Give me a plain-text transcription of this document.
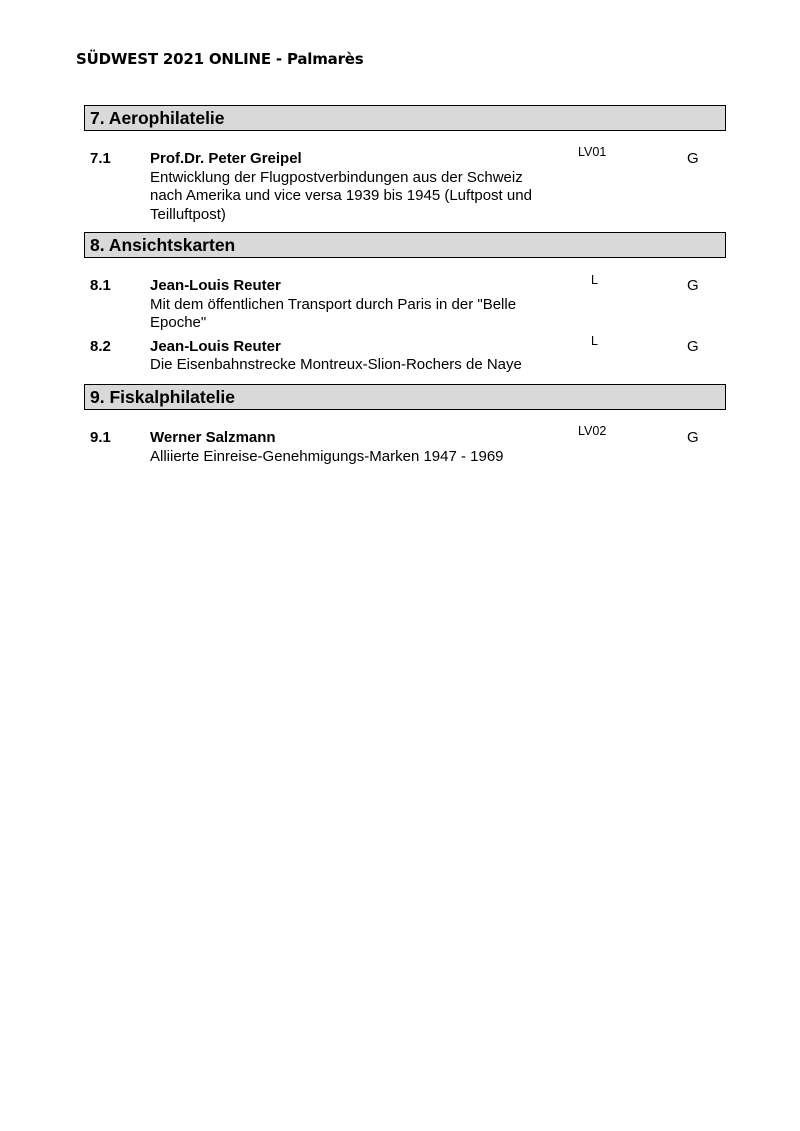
SÜDWEST 2021 ONLINE - Palmarès
7. Aerophilatelie
7.1	Prof.Dr. Peter Greipel
Entwicklung der Flugpostverbindungen aus der Schweiz nach Amerika und vice versa 1939 bis 1945 (Luftpost und Teilluftpost)
LV01	G
8. Ansichtskarten
8.1	Jean-Louis Reuter
Mit dem öffentlichen Transport durch Paris in der "Belle Epoche"
L	G
8.2	Jean-Louis Reuter
Die Eisenbahnstrecke Montreux-Slion-Rochers de Naye
L	G
9. Fiskalphilatelie
9.1	Werner Salzmann
Alliierte Einreise-Genehmigungs-Marken 1947 - 1969
LV02	G
